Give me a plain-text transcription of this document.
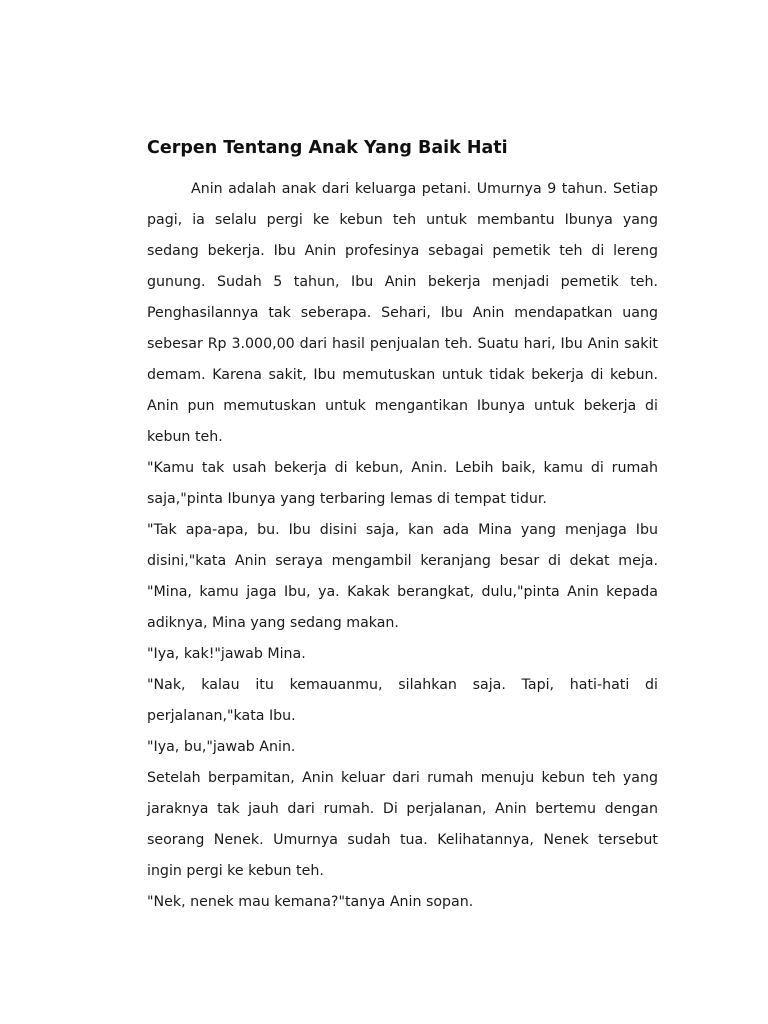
Cerpen Tentang Anak Yang Baik Hati

Anin adalah anak dari keluarga petani. Umurnya 9 tahun. Setiap pagi, ia selalu pergi ke kebun teh untuk membantu Ibunya yang sedang bekerja. Ibu Anin profesinya sebagai pemetik teh di lereng gunung. Sudah 5 tahun, Ibu Anin bekerja menjadi pemetik teh. Penghasilannya tak seberapa. Sehari, Ibu Anin mendapatkan uang sebesar Rp 3.000,00 dari hasil penjualan teh. Suatu hari, Ibu Anin sakit demam. Karena sakit, Ibu memutuskan untuk tidak bekerja di kebun. Anin pun memutuskan untuk mengantikan Ibunya untuk bekerja di kebun teh.

"Kamu tak usah bekerja di kebun, Anin. Lebih baik, kamu di rumah saja,"pinta Ibunya yang terbaring lemas di tempat tidur.

"Tak apa-apa, bu. Ibu disini saja, kan ada Mina yang menjaga Ibu disini,"kata Anin seraya mengambil keranjang besar di dekat meja. "Mina, kamu jaga Ibu, ya. Kakak berangkat, dulu,"pinta Anin kepada adiknya, Mina yang sedang makan.

"Iya, kak!"jawab Mina.

"Nak, kalau itu kemauanmu, silahkan saja. Tapi, hati-hati di perjalanan,"kata Ibu.

"Iya, bu,"jawab Anin.

Setelah berpamitan, Anin keluar dari rumah menuju kebun teh yang jaraknya tak jauh dari rumah. Di perjalanan, Anin bertemu dengan seorang Nenek. Umurnya sudah tua. Kelihatannya, Nenek tersebut ingin pergi ke kebun teh.

"Nek, nenek mau kemana?"tanya Anin sopan.
